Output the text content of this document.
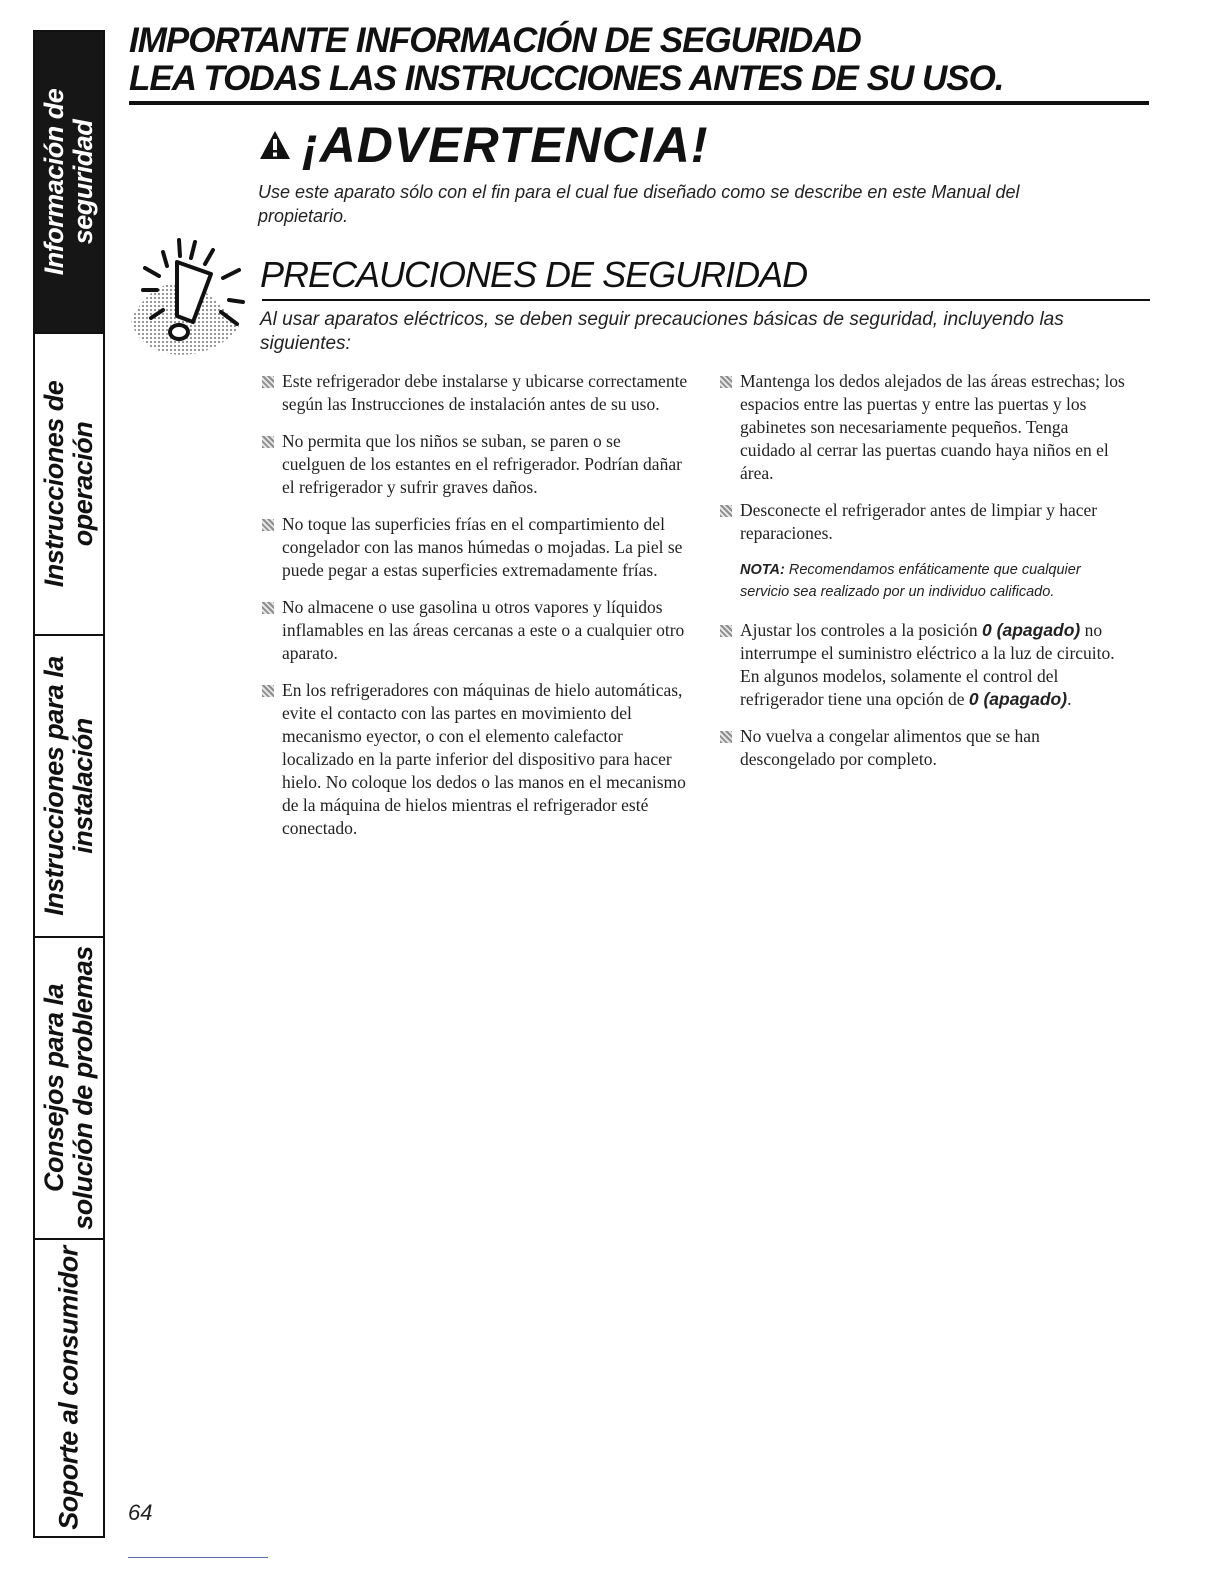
Información de seguridad
Instrucciones de operación
Instrucciones para la instalación
Consejos para la solución de problemas
Soporte al consumidor
IMPORTANTE INFORMACIÓN DE SEGURIDAD
LEA TODAS LAS INSTRUCCIONES ANTES DE SU USO.
¡ADVERTENCIA!

Use este aparato sólo con el fin para el cual fue diseñado como se describe en este Manual del propietario.

PRECAUCIONES DE SEGURIDAD

Al usar aparatos eléctricos, se deben seguir precauciones básicas de seguridad, incluyendo las siguientes:

Este refrigerador debe instalarse y ubicarse correctamente según las Instrucciones de instalación antes de su uso.

No permita que los niños se suban, se paren o se cuelguen de los estantes en el refrigerador. Podrían dañar el refrigerador y sufrir graves daños.

No toque las superficies frías en el compartimiento del congelador con las manos húmedas o mojadas. La piel se puede pegar a estas superficies extremadamente frías.

No almacene o use gasolina u otros vapores y líquidos inflamables en las áreas cercanas a este o a cualquier otro aparato.

En los refrigeradores con máquinas de hielo automáticas, evite el contacto con las partes en movimiento del mecanismo eyector, o con el elemento calefactor localizado en la parte inferior del dispositivo para hacer hielo. No coloque los dedos o las manos en el mecanismo de la máquina de hielos mientras el refrigerador esté conectado.

Mantenga los dedos alejados de las áreas estrechas; los espacios entre las puertas y entre las puertas y los gabinetes son necesariamente pequeños. Tenga cuidado al cerrar las puertas cuando haya niños en el área.

Desconecte el refrigerador antes de limpiar y hacer reparaciones.

NOTA: Recomendamos enfáticamente que cualquier servicio sea realizado por un individuo calificado.

Ajustar los controles a la posición 0 (apagado) no interrumpe el suministro eléctrico a la luz de circuito. En algunos modelos, solamente el control del refrigerador tiene una opción de 0 (apagado).

No vuelva a congelar alimentos que se han descongelado por completo.

64
